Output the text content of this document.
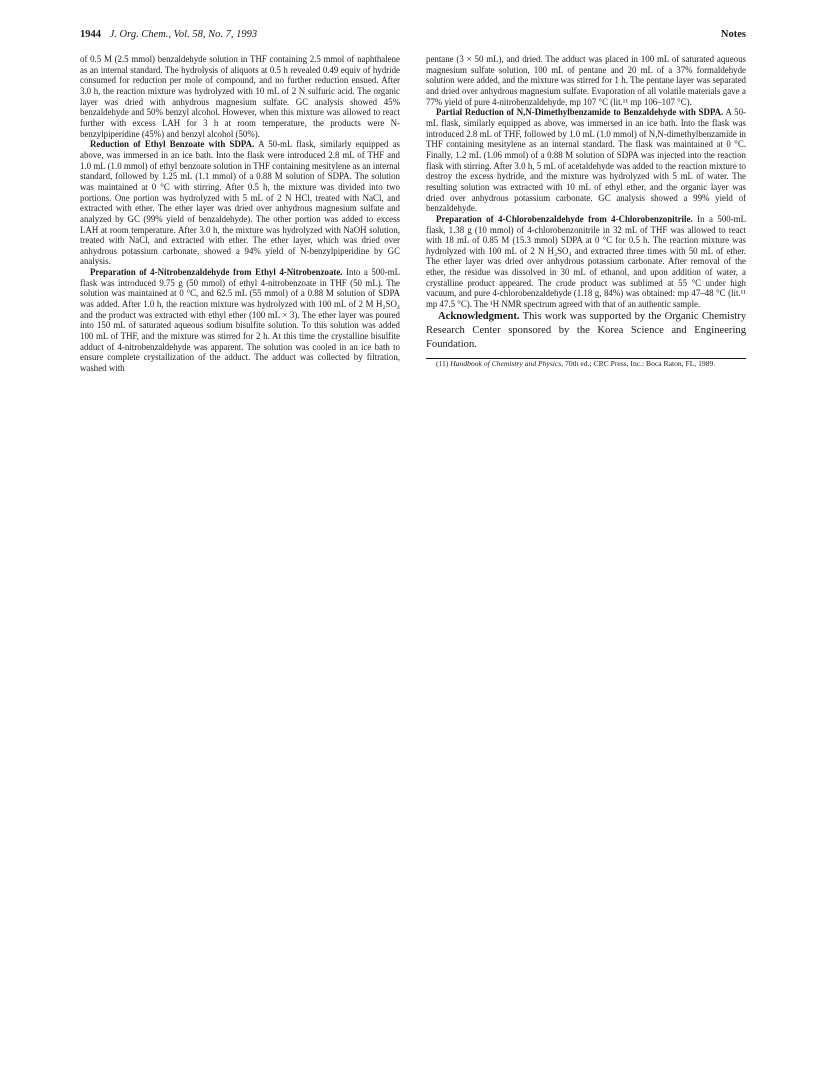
1944 J. Org. Chem., Vol. 58, No. 7, 1993	Notes

of 0.5 M (2.5 mmol) benzaldehyde solution in THF containing 2.5 mmol of naphthalene as an internal standard. The hydrolysis of aliquots at 0.5 h revealed 0.49 equiv of hydride consumed for reduction per mole of compound, and no further reduction ensued. After 3.0 h, the reaction mixture was hydrolyzed with 10 mL of 2 N sulfuric acid. The organic layer was dried with anhydrous magnesium sulfate. GC analysis showed 45% benzaldehyde and 50% benzyl alcohol. However, when this mixture was allowed to react further with excess LAH for 3 h at room temperature, the products were N-benzylpiperidine (45%) and benzyl alcohol (50%).

Reduction of Ethyl Benzoate with SDPA. A 50-mL flask, similarly equipped as above, was immersed in an ice bath. Into the flask were introduced 2.8 mL of THF and 1.0 mL (1.0 mmol) of ethyl benzoate solution in THF containing mesitylene as an internal standard, followed by 1.25 mL (1.1 mmol) of a 0.88 M solution of SDPA. The solution was maintained at 0 °C with stirring. After 0.5 h, the mixture was divided into two portions. One portion was hydrolyzed with 5 mL of 2 N HCl, treated with NaCl, and extracted with ether. The ether layer was dried over anhydrous magnesium sulfate and analyzed by GC (99% yield of benzaldehyde). The other portion was added to excess LAH at room temperature. After 3.0 h, the mixture was hydrolyzed with NaOH solution, treated with NaCl, and extracted with ether. The ether layer, which was dried over anhydrous potassium carbonate, showed a 94% yield of N-benzylpiperidine by GC analysis.

Preparation of 4-Nitrobenzaldehyde from Ethyl 4-Nitrobenzoate. Into a 500-mL flask was introduced 9.75 g (50 mmol) of ethyl 4-nitrobenzoate in THF (50 mL). The solution was maintained at 0 °C, and 62.5 mL (55 mmol) of a 0.88 M solution of SDPA was added. After 1.0 h, the reaction mixture was hydrolyzed with 100 mL of 2 M H₂SO₄ and the product was extracted with ethyl ether (100 mL × 3). The ether layer was poured into 150 mL of saturated aqueous sodium bisulfite solution. To this solution was added 100 mL of THF, and the mixture was stirred for 2 h. At this time the crystalline bisulfite adduct of 4-nitrobenzaldehyde was apparent. The solution was cooled in an ice bath to ensure complete crystallization of the adduct. The adduct was collected by filtration, washed with

pentane (3 × 50 mL), and dried. The adduct was placed in 100 mL of saturated aqueous magnesium sulfate solution, 100 mL of pentane and 20 mL of a 37% formaldehyde solution were added, and the mixture was stirred for 1 h. The pentane layer was separated and dried over anhydrous magnesium sulfate. Evaporation of all volatile materials gave a 77% yield of pure 4-nitrobenzaldehyde, mp 107 °C (lit.¹¹ mp 106–107 °C).

Partial Reduction of N,N-Dimethylbenzamide to Benzaldehyde with SDPA. A 50-mL flask, similarly equipped as above, was immersed in an ice bath. Into the flask was introduced 2.8 mL of THF, followed by 1.0 mL (1.0 mmol) of N,N-dimethylbenzamide in THF containing mesitylene as an internal standard. The flask was maintained at 0 °C. Finally, 1.2 mL (1.06 mmol) of a 0.88 M solution of SDPA was injected into the reaction flask with stirring. After 3.0 h, 5 mL of acetaldehyde was added to the reaction mixture to destroy the excess hydride, and the mixture was hydrolyzed with 5 mL of water. The resulting solution was extracted with 10 mL of ethyl ether, and the organic layer was dried over anhydrous potassium carbonate. GC analysis showed a 99% yield of benzaldehyde.

Preparation of 4-Chlorobenzaldehyde from 4-Chlorobenzonitrile. In a 500-mL flask, 1.38 g (10 mmol) of 4-chlorobenzonitrile in 32 mL of THF was allowed to react with 18 mL of 0.85 M (15.3 mmol) SDPA at 0 °C for 0.5 h. The reaction mixture was hydrolyzed with 100 mL of 2 N H₂SO₄ and extracted three times with 50 mL of ether. The ether layer was dried over anhydrous potassium carbonate. After removal of the ether, the residue was dissolved in 30 mL of ethanol, and upon addition of water, a crystalline product appeared. The crude product was sublimed at 55 °C under high vacuum, and pure 4-chlorobenzaldehyde (1.18 g, 84%) was obtained: mp 47–48 °C (lit.¹¹ mp 47.5 °C). The ¹H NMR spectrum agreed with that of an authentic sample.

Acknowledgment. This work was supported by the Organic Chemistry Research Center sponsored by the Korea Science and Engineering Foundation.

(11) Handbook of Chemistry and Physics, 70th ed.; CRC Press, Inc.: Boca Raton, FL, 1989.
